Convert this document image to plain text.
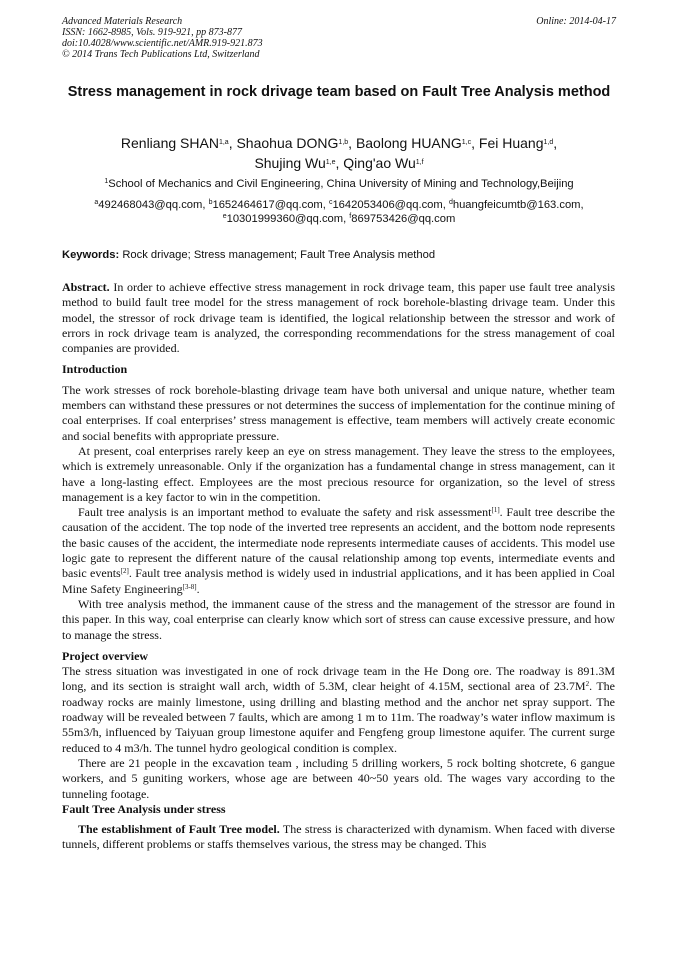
Advanced Materials Research
ISSN: 1662-8985, Vols. 919-921, pp 873-877
doi:10.4028/www.scientific.net/AMR.919-921.873
© 2014 Trans Tech Publications Ltd, Switzerland
Online: 2014-04-17
Stress management in rock drivage team based on Fault Tree Analysis method
Renliang SHAN$^{1,a}$, Shaohua DONG$^{1,b}$, Baolong HUANG$^{1,c}$, Fei Huang$^{1,d}$,
Shujing Wu$^{1,e}$, Qing'ao Wu$^{1,f}$
$^1$School of Mechanics and Civil Engineering, China University of Mining and Technology,Beijing
$^a$492468043@qq.com, $^b$1652464617@qq.com, $^c$1642053406@qq.com, $^d$huangfeicumtb@163.com,
$^e$10301999360@qq.com, $^f$869753426@qq.com
Keywords: Rock drivage; Stress management; Fault Tree Analysis method

Abstract. In order to achieve effective stress management in rock drivage team, this paper use fault tree analysis method to build fault tree model for the stress management of rock borehole-blasting drivage team. Under this model, the stressor of rock drivage team is identified, the logical relationship between the stressor and work of errors in rock drivage team is analyzed, the corresponding recommendations for the stress management of coal companies are provided.

Introduction

The work stresses of rock borehole-blasting drivage team have both universal and unique nature, whether team members can withstand these pressures or not determines the success of implementation for the continue mining of coal enterprises. If coal enterprises’ stress management is effective, team members will actively create economic and social benefits with appropriate pressure.

At present, coal enterprises rarely keep an eye on stress management. They leave the stress to the employees, which is extremely unreasonable. Only if the organization has a fundamental change in stress management, can it have a long-lasting effect. Employees are the most precious resource for organization, so the level of stress management is a key factor to win in the competition.

Fault tree analysis is an important method to evaluate the safety and risk assessment[1]. Fault tree describe the causation of the accident. The top node of the inverted tree represents an accident, and the bottom node represents the basic causes of the accident, the intermediate node represents intermediate causes of accidents. This model use logic gate to represent the different nature of the causal relationship among top events, intermediate events and basic events[2]. Fault tree analysis method is widely used in industrial applications, and it has been applied in Coal Mine Safety Engineering[3-8].

With tree analysis method, the immanent cause of the stress and the management of the stressor are found in this paper. In this way, coal enterprise can clearly know which sort of stress can cause excessive pressure, and how to manage the stress.

Project overview

The stress situation was investigated in one of rock drivage team in the He Dong ore. The roadway is 891.3M long, and its section is straight wall arch, width of 5.3M, clear height of 4.15M, sectional area of $23.7M^2$. The roadway rocks are mainly limestone, using drilling and blasting method and the anchor net spray support. The roadway will be revealed between 7 faults, which are among 1 m to 11m. The roadway’s water inflow maximum is 55m3/h, influenced by Taiyuan group limestone aquifer and Fengfeng group limestone aquifer. The current surge reduced to 4 m3/h. The tunnel hydro geological condition is complex.

There are 21 people in the excavation team , including 5 drilling workers, 5 rock bolting shotcrete, 6 gangue workers, and 5 guniting workers, whose age are between 40~50 years old. The wages vary according to the tunneling footage.

Fault Tree Analysis under stress

The establishment of Fault Tree model. The stress is characterized with dynamism. When faced with diverse tunnels, different problems or staffs themselves various, the stress may be changed. This
